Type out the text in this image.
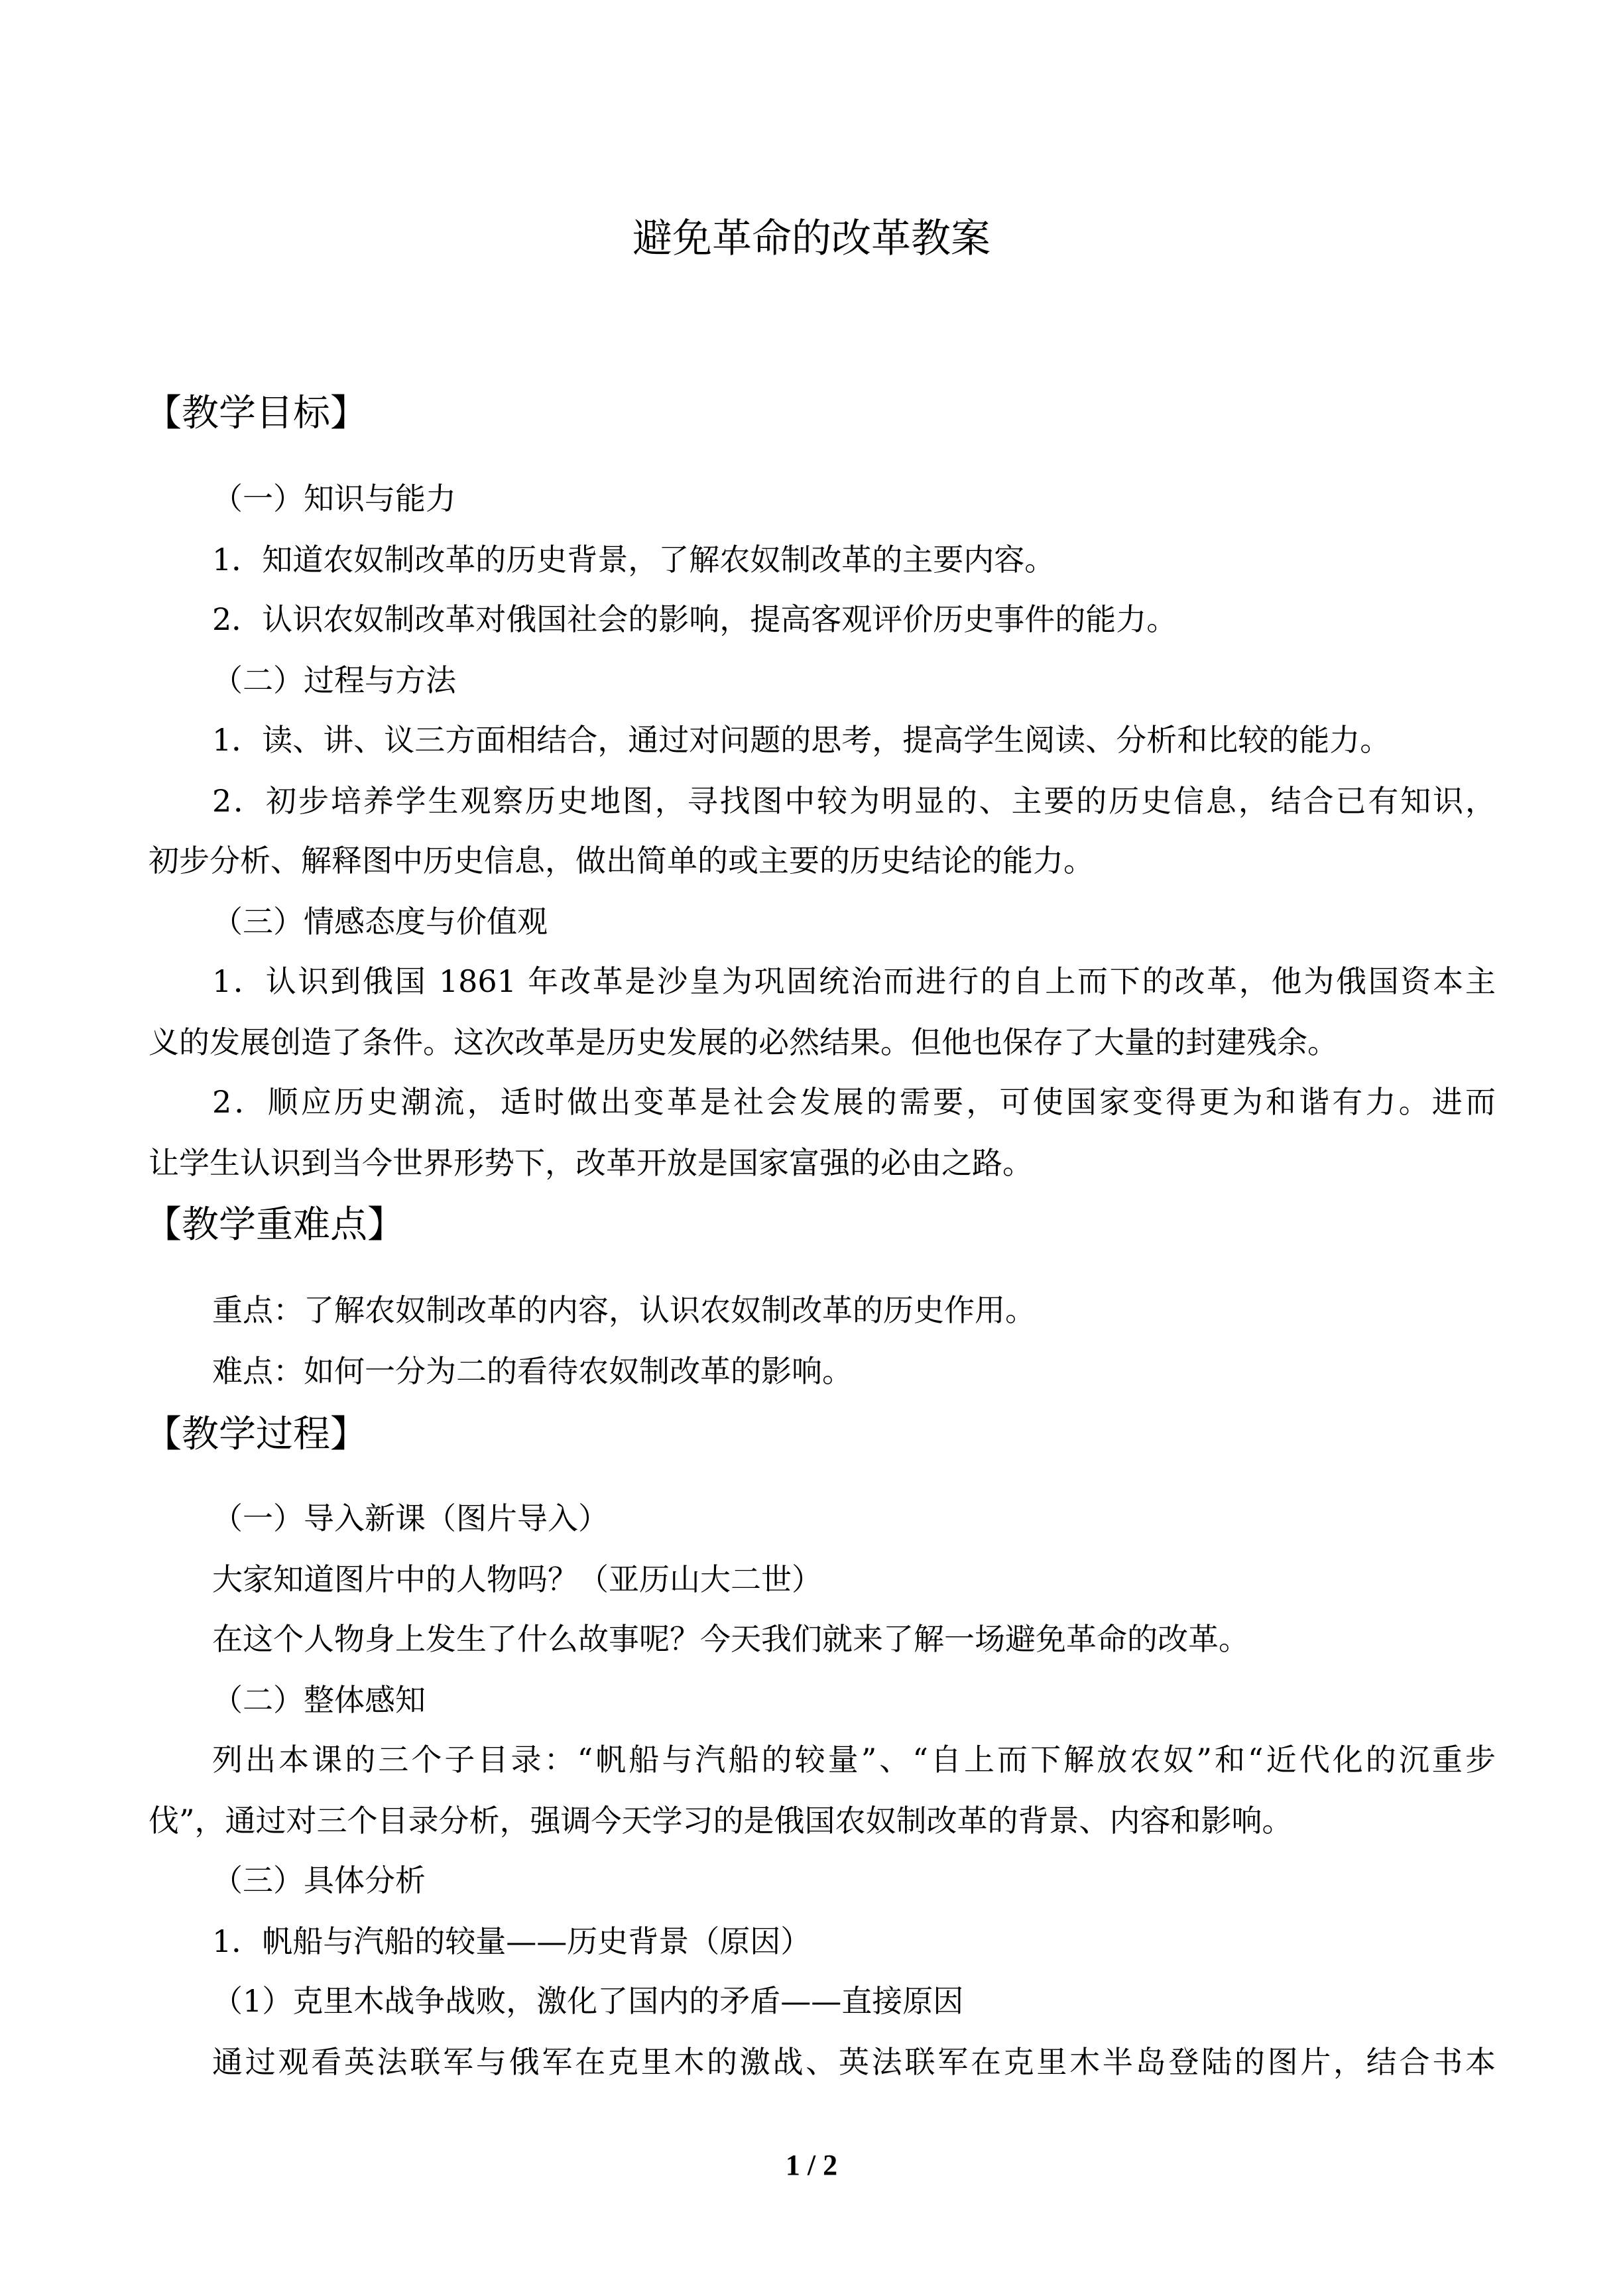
避免革命的改革教案
【教学目标】
（一）知识与能力
1．知道农奴制改革的历史背景，了解农奴制改革的主要内容。
2．认识农奴制改革对俄国社会的影响，提高客观评价历史事件的能力。
（二）过程与方法
1．读、讲、议三方面相结合，通过对问题的思考，提高学生阅读、分析和比较的能力。
2．初步培养学生观察历史地图，寻找图中较为明显的、主要的历史信息，结合已有知识，
初步分析、解释图中历史信息，做出简单的或主要的历史结论的能力。
（三）情感态度与价值观
1．认识到俄国 1861 年改革是沙皇为巩固统治而进行的自上而下的改革，他为俄国资本主
义的发展创造了条件。这次改革是历史发展的必然结果。但他也保存了大量的封建残余。
2．顺应历史潮流，适时做出变革是社会发展的需要，可使国家变得更为和谐有力。进而
让学生认识到当今世界形势下，改革开放是国家富强的必由之路。
【教学重难点】
重点：了解农奴制改革的内容，认识农奴制改革的历史作用。
难点：如何一分为二的看待农奴制改革的影响。
【教学过程】
（一）导入新课（图片导入）
大家知道图片中的人物吗？（亚历山大二世）
在这个人物身上发生了什么故事呢？今天我们就来了解一场避免革命的改革。
（二）整体感知
列出本课的三个子目录：“帆船与汽船的较量”、“自上而下解放农奴”和“近代化的沉重步
伐”，通过对三个目录分析，强调今天学习的是俄国农奴制改革的背景、内容和影响。
（三）具体分析
1．帆船与汽船的较量——历史背景（原因）
（1）克里木战争战败，激化了国内的矛盾——直接原因
通过观看英法联军与俄军在克里木的激战、英法联军在克里木半岛登陆的图片，结合书本
1 / 2
